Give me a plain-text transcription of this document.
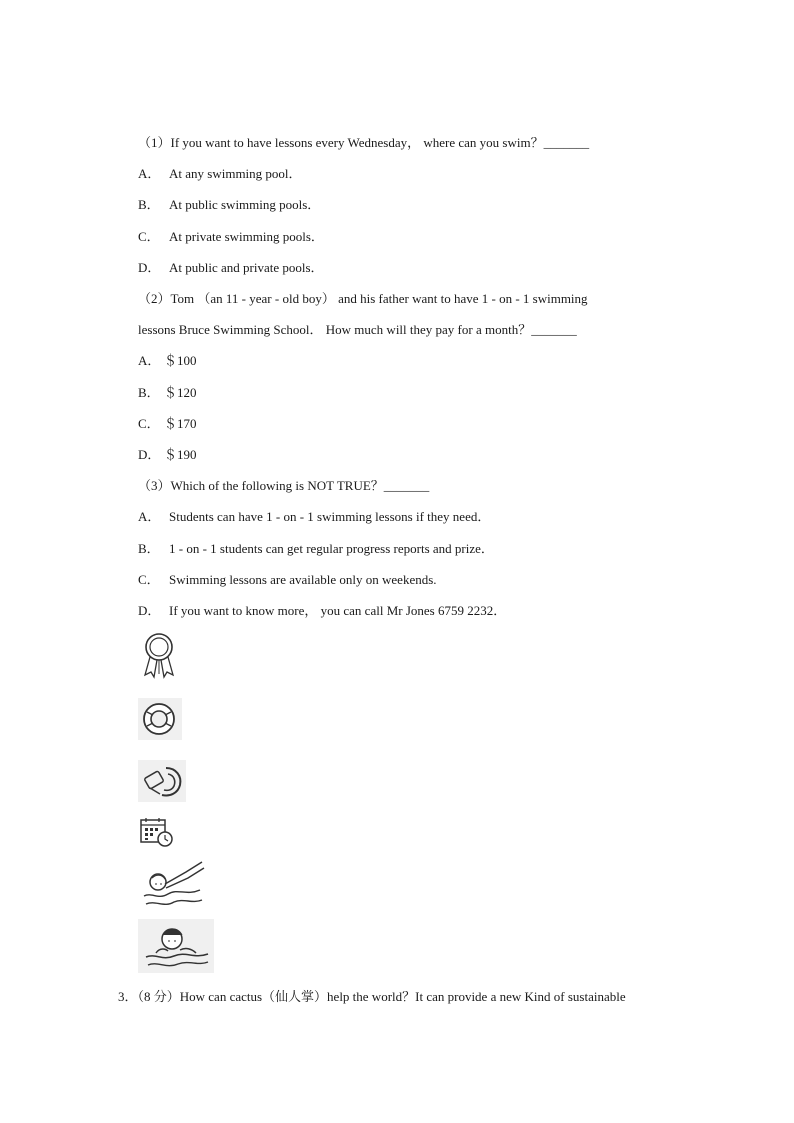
（1）If you want to have lessons every Wednesday， where can you swim？_______
A． At any swimming pool．
B． At public swimming pools．
C． At private swimming pools．
D． At public and private pools．
（2）Tom （an 11 - year - old boy） and his father want to have 1 - on - 1 swimming
lessons Bruce Swimming School． How much will they pay for a month？_______
A． ＄100
B． ＄120
C． ＄170
D． ＄190
（3）Which of the following is NOT TRUE？_______
A． Students can have 1 - on - 1 swimming lessons if they need．
B． 1 - on - 1 students can get regular progress reports and prize．
C． Swimming lessons are available only on weekends.
D． If you want to know more， you can call Mr Jones 6759 2232．
3．（8 分）How can cactus（仙人掌）help the world？It can provide a new Kind of sustainable
